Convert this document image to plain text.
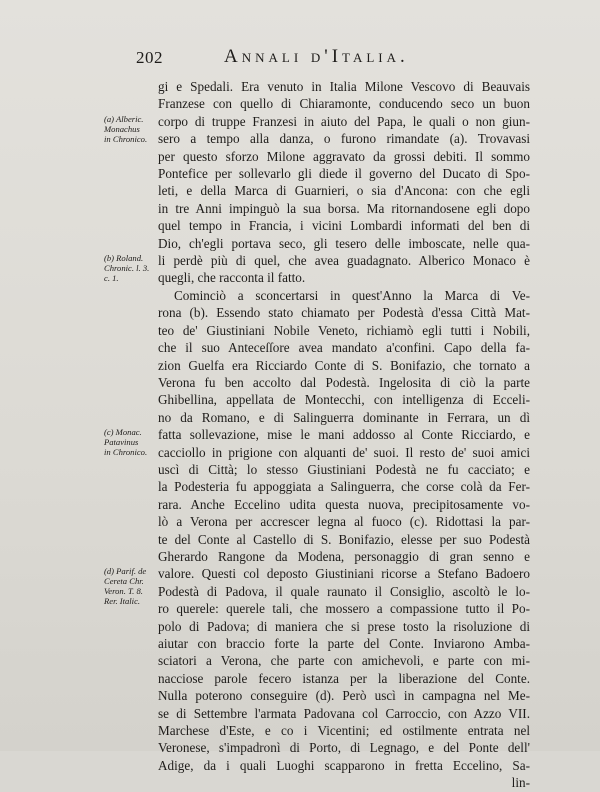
202	Annali d'Italia.
(a) Alberic.
Monachus
in Chronico.
(b) Roland.
Chronic. l. 3.
c. 1.
(c) Monac.
Patavinus
in Chronico.
(d) Parif. de
Cereta Chr.
Veron. T. 8.
Rer. Italic.
gi e Spedali. Era venuto in Italia Milone Vescovo di Beauvais
Franzese con quello di Chiaramonte, conducendo seco un buon
corpo di truppe Franzesi in aiuto del Papa, le quali o non giun-
sero a tempo alla danza, o furono rimandate (a). Trovavasi
per questo sforzo Milone aggravato da grossi debiti. Il sommo
Pontefice per sollevarlo gli diede il governo del Ducato di Spo-
leti, e della Marca di Guarnieri, o sia d'Ancona: con che egli
in tre Anni impinguò la sua borsa. Ma ritornandosene egli dopo
quel tempo in Francia, i vicini Lombardi informati del ben di
Dio, ch'egli portava seco, gli tesero delle imboscate, nelle qua-
li perdè più di quel, che avea guadagnato. Alberico Monaco è
quegli, che racconta il fatto.
Cominciò a sconcertarsi in quest'Anno la Marca di Ve-
rona (b). Essendo stato chiamato per Podestà d'essa Città Mat-
teo de' Giustiniani Nobile Veneto, richiamò egli tutti i Nobili,
che il suo Anteceſſore avea mandato a'confini. Capo della fa-
zion Guelfa era Ricciardo Conte di S. Bonifazio, che tornato a
Verona fu ben accolto dal Podestà. Ingelosita di ciò la parte
Ghibellina, appellata de Montecchi, con intelligenza di Ecceli-
no da Romano, e di Salinguerra dominante in Ferrara, un dì
fatta sollevazione, mise le mani addosso al Conte Ricciardo, e
cacciollo in prigione con alquanti de' suoi. Il resto de' suoi amici
uscì di Città; lo stesso Giustiniani Podestà ne fu cacciato; e
la Podesteria fu appoggiata a Salinguerra, che corse colà da Fer-
rara. Anche Eccelino udita questa nuova, precipitosamente vo-
lò a Verona per accrescer legna al fuoco (c). Ridottasi la par-
te del Conte al Castello di S. Bonifazio, elesse per suo Podestà
Gherardo Rangone da Modena, personaggio di gran senno e
valore. Questi col deposto Giustiniani ricorse a Stefano Badoero
Podestà di Padova, il quale raunato il Consiglio, ascoltò le lo-
ro querele: querele tali, che mossero a compassione tutto il Po-
polo di Padova; di maniera che si prese tosto la risoluzione di
aiutar con braccio forte la parte del Conte. Inviarono Amba-
sciatori a Verona, che parte con amichevoli, e parte con mi-
nacciose parole fecero istanza per la liberazione del Conte.
Nulla poterono conseguire (d). Però uscì in campagna nel Me-
se di Settembre l'armata Padovana col Carroccio, con Azzo VII.
Marchese d'Este, e co i Vicentini; ed ostilmente entrata nel
Veronese, s'impadronì di Porto, di Legnago, e del Ponte dell'
Adige, da i quali Luoghi scapparono in fretta Eccelino, Sa-
lin-
